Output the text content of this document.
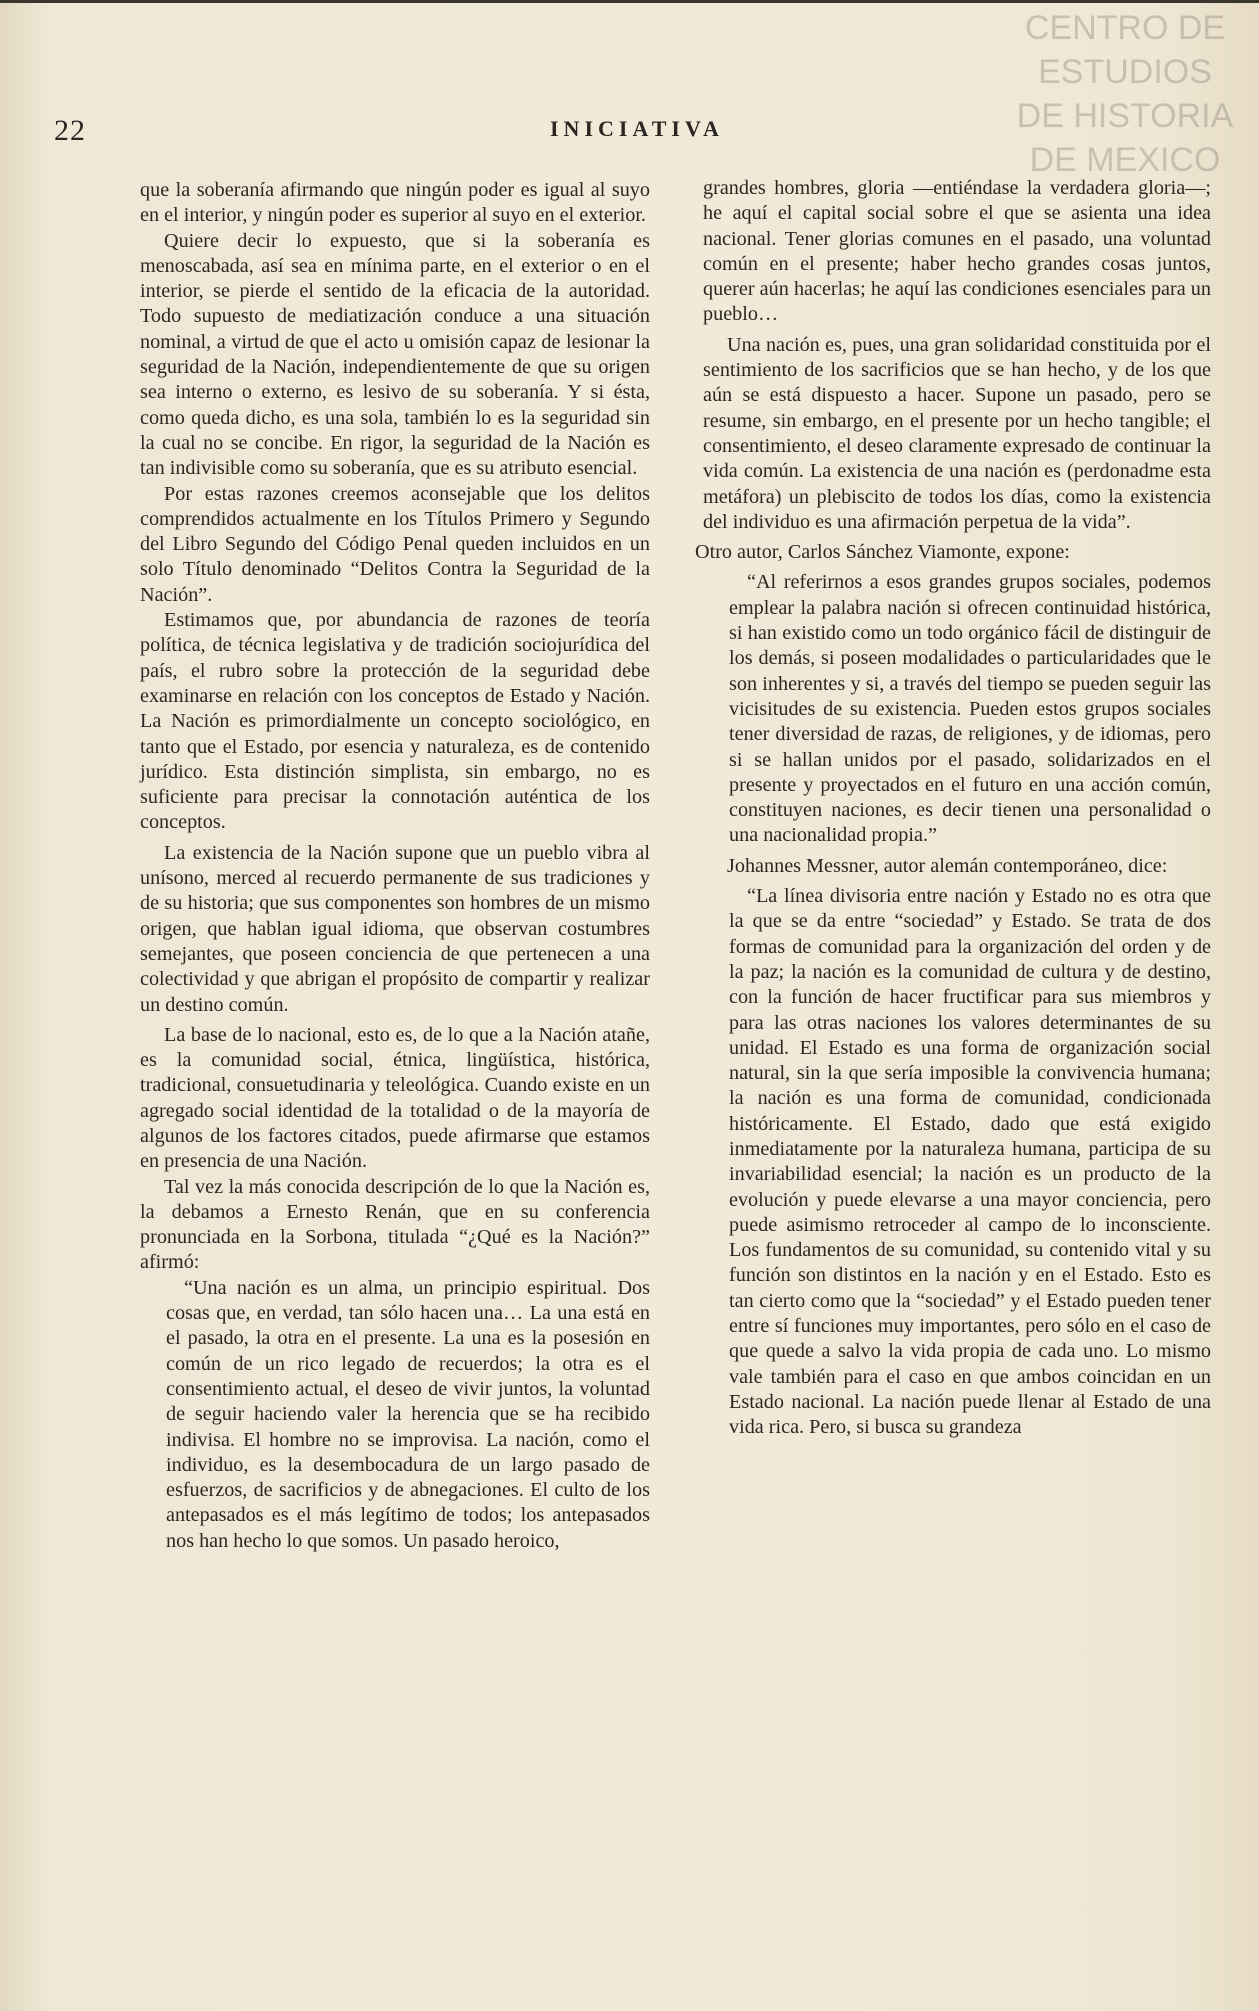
22	INICIATIVA
CENTRO DE
ESTUDIOS
DE HISTORIA
DE MEXICO

que la soberanía afirmando que ningún poder es igual al suyo en el interior, y ningún poder es superior al suyo en el exterior.

Quiere decir lo expuesto, que si la soberanía es menoscabada, así sea en mínima parte, en el exterior o en el interior, se pierde el sentido de la eficacia de la autoridad. Todo supuesto de mediatización conduce a una situación nominal, a virtud de que el acto u omisión capaz de lesionar la seguridad de la Nación, independientemente de que su origen sea interno o externo, es lesivo de su soberanía. Y si ésta, como queda dicho, es una sola, también lo es la seguridad sin la cual no se concibe. En rigor, la seguridad de la Nación es tan indivisible como su soberanía, que es su atributo esencial.

Por estas razones creemos aconsejable que los delitos comprendidos actualmente en los Títulos Primero y Segundo del Libro Segundo del Código Penal queden incluidos en un solo Título denominado “Delitos Contra la Seguridad de la Nación”.

Estimamos que, por abundancia de razones de teoría política, de técnica legislativa y de tradición sociojurídica del país, el rubro sobre la protección de la seguridad debe examinarse en relación con los conceptos de Estado y Nación. La Nación es primordialmente un concepto sociológico, en tanto que el Estado, por esencia y naturaleza, es de contenido jurídico. Esta distinción simplista, sin embargo, no es suficiente para precisar la connotación auténtica de los conceptos.

La existencia de la Nación supone que un pueblo vibra al unísono, merced al recuerdo permanente de sus tradiciones y de su historia; que sus componentes son hombres de un mismo origen, que hablan igual idioma, que observan costumbres semejantes, que poseen conciencia de que pertenecen a una colectividad y que abrigan el propósito de compartir y realizar un destino común.

La base de lo nacional, esto es, de lo que a la Nación atañe, es la comunidad social, étnica, lingüística, histórica, tradicional, consuetudinaria y teleológica. Cuando existe en un agregado social identidad de la totalidad o de la mayoría de algunos de los factores citados, puede afirmarse que estamos en presencia de una Nación.

Tal vez la más conocida descripción de lo que la Nación es, la debamos a Ernesto Renán, que en su conferencia pronunciada en la Sorbona, titulada “¿Qué es la Nación?” afirmó:

“Una nación es un alma, un principio espiritual. Dos cosas que, en verdad, tan sólo hacen una… La una está en el pasado, la otra en el presente. La una es la posesión en común de un rico legado de recuerdos; la otra es el consentimiento actual, el deseo de vivir juntos, la voluntad de seguir haciendo valer la herencia que se ha recibido indivisa. El hombre no se improvisa. La nación, como el individuo, es la desembocadura de un largo pasado de esfuerzos, de sacrificios y de abnegaciones. El culto de los antepasados es el más legítimo de todos; los antepasados nos han hecho lo que somos. Un pasado heroico,

grandes hombres, gloria —entiéndase la verdadera gloria—; he aquí el capital social sobre el que se asienta una idea nacional. Tener glorias comunes en el pasado, una voluntad común en el presente; haber hecho grandes cosas juntos, querer aún hacerlas; he aquí las condiciones esenciales para un pueblo…

Una nación es, pues, una gran solidaridad constituida por el sentimiento de los sacrificios que se han hecho, y de los que aún se está dispuesto a hacer. Supone un pasado, pero se resume, sin embargo, en el presente por un hecho tangible; el consentimiento, el deseo claramente expresado de continuar la vida común. La existencia de una nación es (perdonadme esta metáfora) un plebiscito de todos los días, como la existencia del individuo es una afirmación perpetua de la vida”.

Otro autor, Carlos Sánchez Viamonte, expone:

“Al referirnos a esos grandes grupos sociales, podemos emplear la palabra nación si ofrecen continuidad histórica, si han existido como un todo orgánico fácil de distinguir de los demás, si poseen modalidades o particularidades que le son inherentes y si, a través del tiempo se pueden seguir las vicisitudes de su existencia. Pueden estos grupos sociales tener diversidad de razas, de religiones, y de idiomas, pero si se hallan unidos por el pasado, solidarizados en el presente y proyectados en el futuro en una acción común, constituyen naciones, es decir tienen una personalidad o una nacionalidad propia.”

Johannes Messner, autor alemán contemporáneo, dice:

“La línea divisoria entre nación y Estado no es otra que la que se da entre “sociedad” y Estado. Se trata de dos formas de comunidad para la organización del orden y de la paz; la nación es la comunidad de cultura y de destino, con la función de hacer fructificar para sus miembros y para las otras naciones los valores determinantes de su unidad. El Estado es una forma de organización social natural, sin la que sería imposible la convivencia humana; la nación es una forma de comunidad, condicionada históricamente. El Estado, dado que está exigido inmediatamente por la naturaleza humana, participa de su invariabilidad esencial; la nación es un producto de la evolución y puede elevarse a una mayor conciencia, pero puede asimismo retroceder al campo de lo inconsciente. Los fundamentos de su comunidad, su contenido vital y su función son distintos en la nación y en el Estado. Esto es tan cierto como que la “sociedad” y el Estado pueden tener entre sí funciones muy importantes, pero sólo en el caso de que quede a salvo la vida propia de cada uno. Lo mismo vale también para el caso en que ambos coincidan en un Estado nacional. La nación puede llenar al Estado de una vida rica. Pero, si busca su grandeza
